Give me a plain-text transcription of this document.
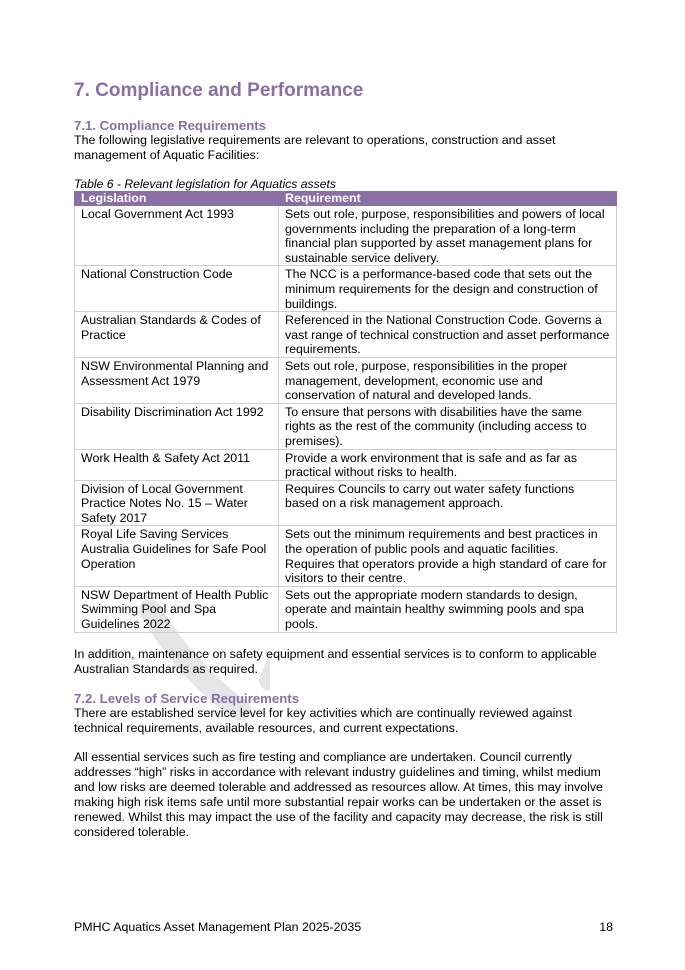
7. Compliance and Performance
7.1. Compliance Requirements

The following legislative requirements are relevant to operations, construction and asset management of Aquatic Facilities:

Table 6 - Relevant legislation for Aquatics assets
Legislation	Requirement
Local Government Act 1993	Sets out role, purpose, responsibilities and powers of local governments including the preparation of a long-term financial plan supported by asset management plans for sustainable service delivery.
National Construction Code	The NCC is a performance-based code that sets out the minimum requirements for the design and construction of buildings.
Australian Standards & Codes of Practice	Referenced in the National Construction Code. Governs a vast range of technical construction and asset performance requirements.
NSW Environmental Planning and Assessment Act 1979	Sets out role, purpose, responsibilities in the proper management, development, economic use and conservation of natural and developed lands.
Disability Discrimination Act 1992	To ensure that persons with disabilities have the same rights as the rest of the community (including access to premises).
Work Health & Safety Act 2011	Provide a work environment that is safe and as far as practical without risks to health.
Division of Local Government Practice Notes No. 15 – Water Safety 2017	Requires Councils to carry out water safety functions based on a risk management approach.
Royal Life Saving Services Australia Guidelines for Safe Pool Operation	Sets out the minimum requirements and best practices in the operation of public pools and aquatic facilities. Requires that operators provide a high standard of care for visitors to their centre.
NSW Department of Health Public Swimming Pool and Spa Guidelines 2022	Sets out the appropriate modern standards to design, operate and maintain healthy swimming pools and spa pools.

In addition, maintenance on safety equipment and essential services is to conform to applicable Australian Standards as required.

7.2. Levels of Service Requirements

There are established service level for key activities which are continually reviewed against technical requirements, available resources, and current expectations.

All essential services such as fire testing and compliance are undertaken. Council currently addresses “high” risks in accordance with relevant industry guidelines and timing, whilst medium and low risks are deemed tolerable and addressed as resources allow. At times, this may involve making high risk items safe until more substantial repair works can be undertaken or the asset is renewed. Whilst this may impact the use of the facility and capacity may decrease, the risk is still considered tolerable.

PMHC Aquatics Asset Management Plan 2025-2035	18
